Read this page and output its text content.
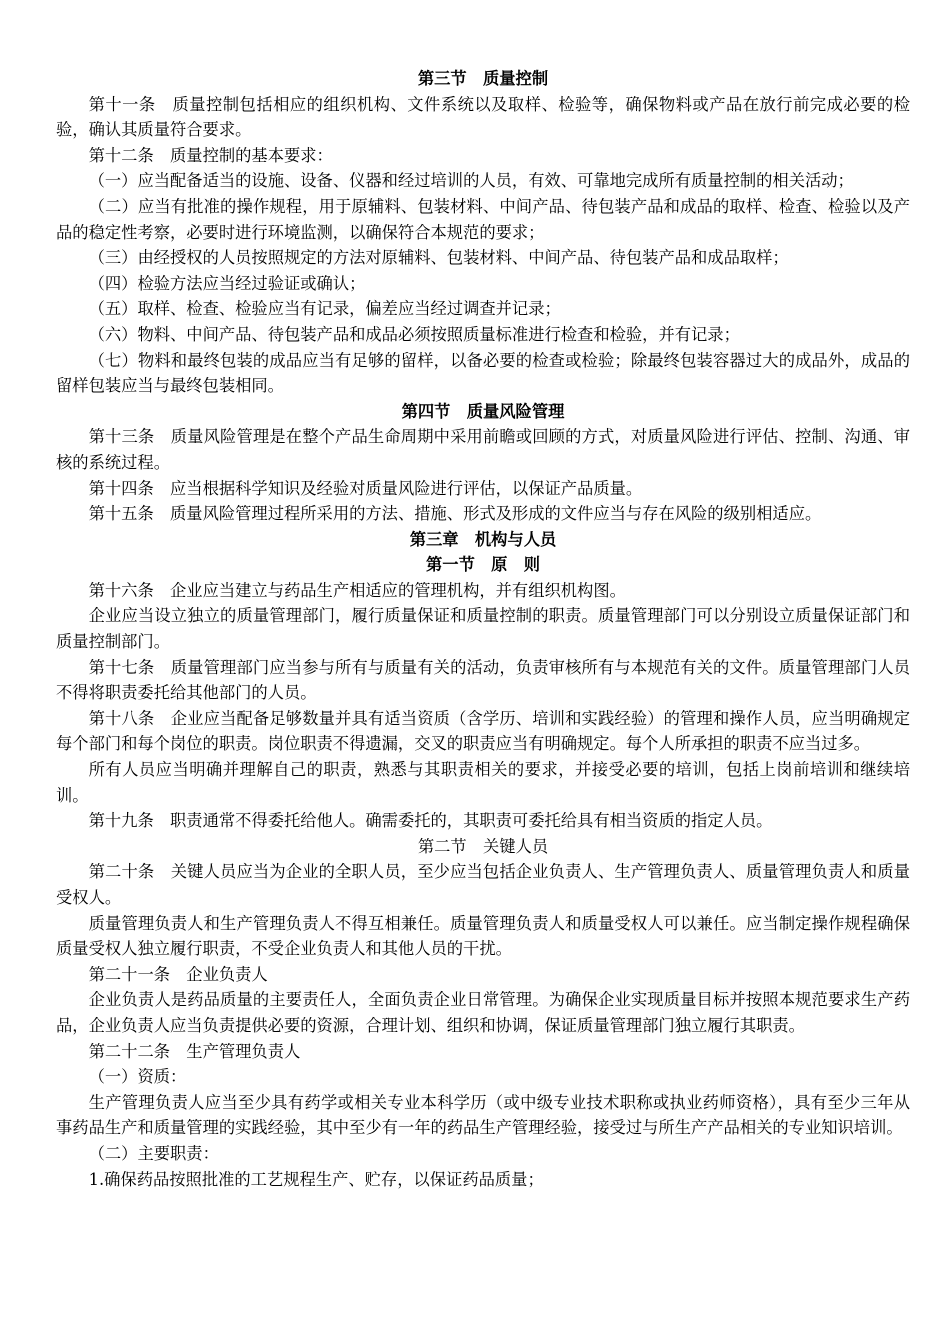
第三节　质量控制

第十一条　质量控制包括相应的组织机构、文件系统以及取样、检验等，确保物料或产品在放行前完成必要的检验，确认其质量符合要求。

第十二条　质量控制的基本要求：

（一）应当配备适当的设施、设备、仪器和经过培训的人员，有效、可靠地完成所有质量控制的相关活动；

（二）应当有批准的操作规程，用于原辅料、包装材料、中间产品、待包装产品和成品的取样、检查、检验以及产品的稳定性考察，必要时进行环境监测，以确保符合本规范的要求；

（三）由经授权的人员按照规定的方法对原辅料、包装材料、中间产品、待包装产品和成品取样；

（四）检验方法应当经过验证或确认；

（五）取样、检查、检验应当有记录，偏差应当经过调查并记录；

（六）物料、中间产品、待包装产品和成品必须按照质量标准进行检查和检验，并有记录；

（七）物料和最终包装的成品应当有足够的留样，以备必要的检查或检验；除最终包装容器过大的成品外，成品的留样包装应当与最终包装相同。

第四节　质量风险管理

第十三条　质量风险管理是在整个产品生命周期中采用前瞻或回顾的方式，对质量风险进行评估、控制、沟通、审核的系统过程。

第十四条　应当根据科学知识及经验对质量风险进行评估，以保证产品质量。

第十五条　质量风险管理过程所采用的方法、措施、形式及形成的文件应当与存在风险的级别相适应。

第三章　机构与人员

第一节　原　则

第十六条　企业应当建立与药品生产相适应的管理机构，并有组织机构图。

企业应当设立独立的质量管理部门，履行质量保证和质量控制的职责。质量管理部门可以分别设立质量保证部门和质量控制部门。

第十七条　质量管理部门应当参与所有与质量有关的活动，负责审核所有与本规范有关的文件。质量管理部门人员不得将职责委托给其他部门的人员。

第十八条　企业应当配备足够数量并具有适当资质（含学历、培训和实践经验）的管理和操作人员，应当明确规定每个部门和每个岗位的职责。岗位职责不得遗漏，交叉的职责应当有明确规定。每个人所承担的职责不应当过多。

所有人员应当明确并理解自己的职责，熟悉与其职责相关的要求，并接受必要的培训，包括上岗前培训和继续培训。

第十九条　职责通常不得委托给他人。确需委托的，其职责可委托给具有相当资质的指定人员。

第二节　关键人员

第二十条　关键人员应当为企业的全职人员，至少应当包括企业负责人、生产管理负责人、质量管理负责人和质量受权人。

质量管理负责人和生产管理负责人不得互相兼任。质量管理负责人和质量受权人可以兼任。应当制定操作规程确保质量受权人独立履行职责，不受企业负责人和其他人员的干扰。

第二十一条　企业负责人

企业负责人是药品质量的主要责任人，全面负责企业日常管理。为确保企业实现质量目标并按照本规范要求生产药品，企业负责人应当负责提供必要的资源，合理计划、组织和协调，保证质量管理部门独立履行其职责。

第二十二条　生产管理负责人

（一）资质：

生产管理负责人应当至少具有药学或相关专业本科学历（或中级专业技术职称或执业药师资格），具有至少三年从事药品生产和质量管理的实践经验，其中至少有一年的药品生产管理经验，接受过与所生产产品相关的专业知识培训。

（二）主要职责：

1.确保药品按照批准的工艺规程生产、贮存，以保证药品质量；
